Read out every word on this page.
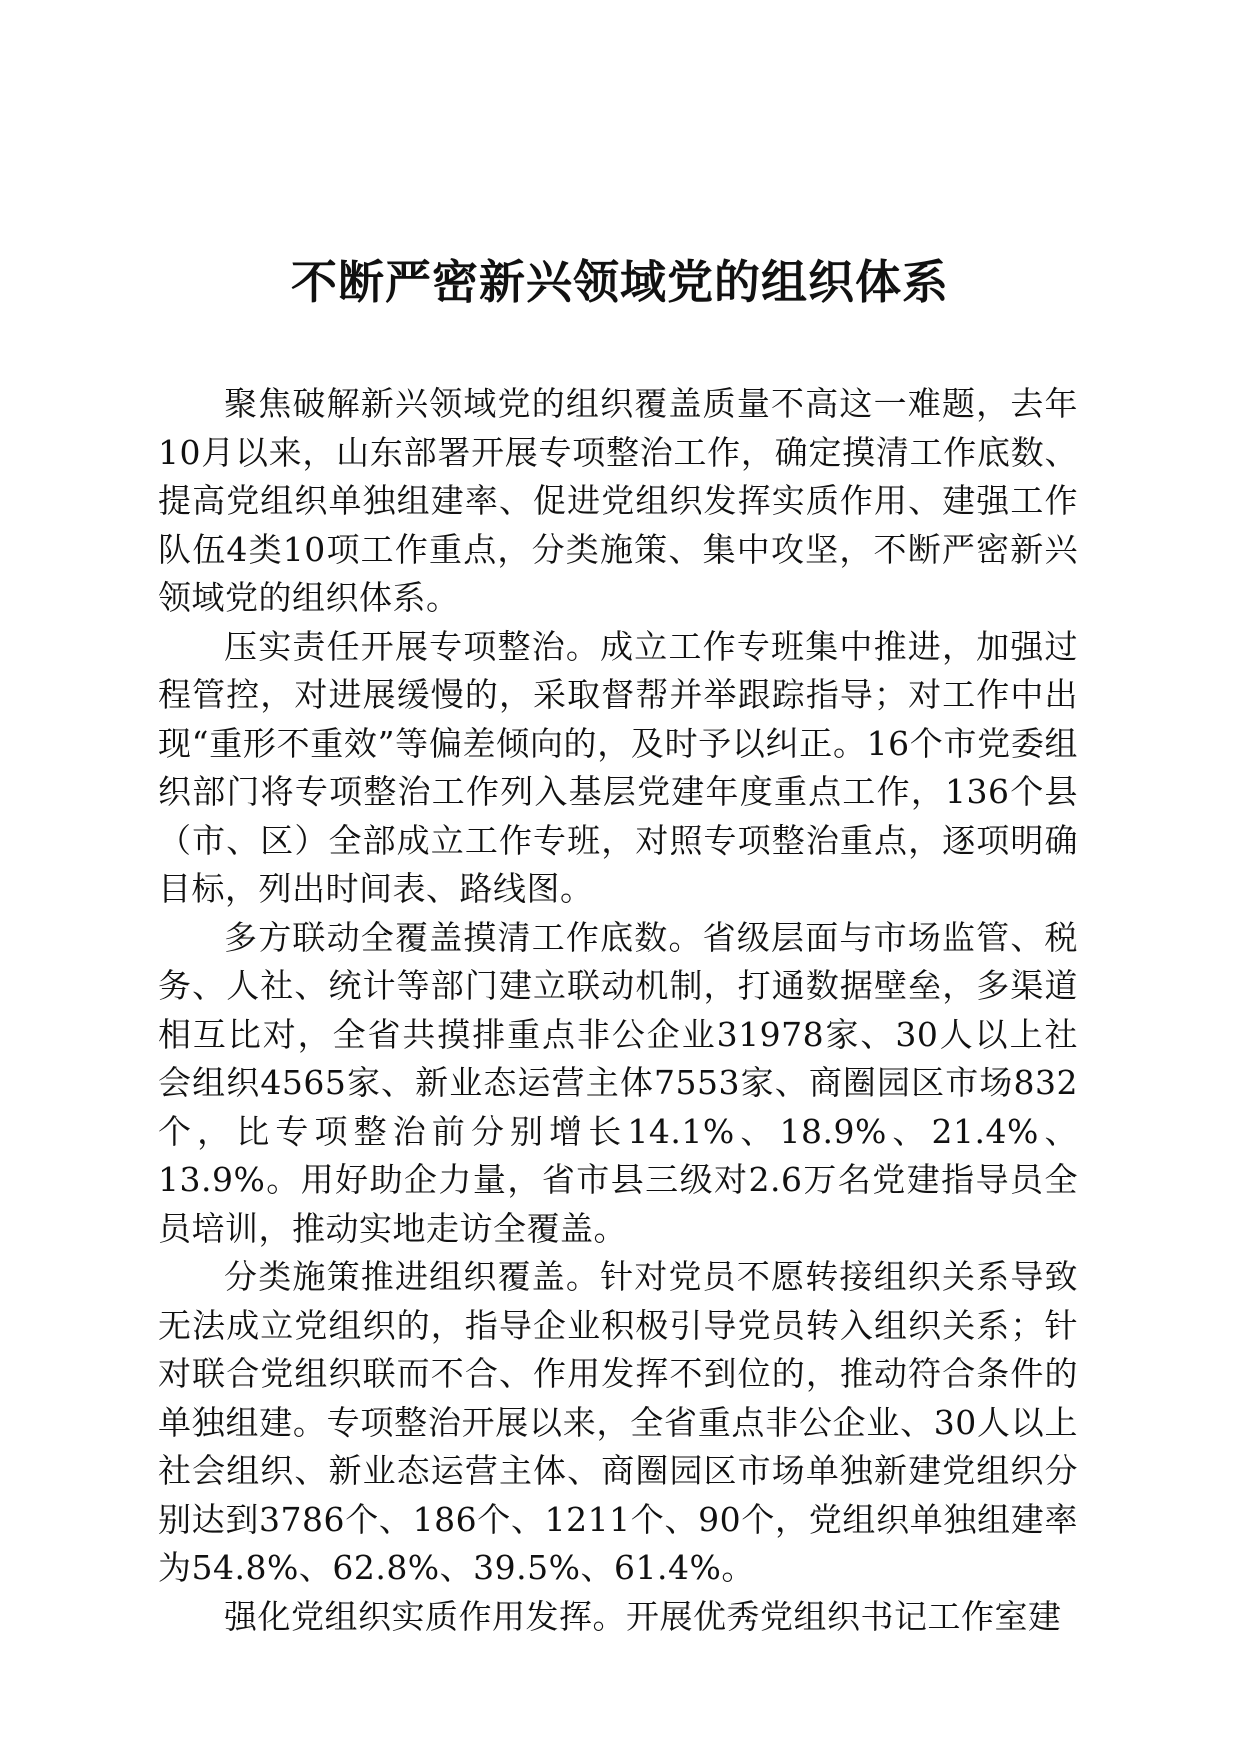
不断严密新兴领域党的组织体系

聚焦破解新兴领域党的组织覆盖质量不高这一难题，去年10月以来，山东部署开展专项整治工作，确定摸清工作底数、提高党组织单独组建率、促进党组织发挥实质作用、建强工作队伍4类10项工作重点，分类施策、集中攻坚，不断严密新兴领域党的组织体系。

压实责任开展专项整治。成立工作专班集中推进，加强过程管控，对进展缓慢的，采取督帮并举跟踪指导；对工作中出现“重形不重效”等偏差倾向的，及时予以纠正。16个市党委组织部门将专项整治工作列入基层党建年度重点工作，136个县（市、区）全部成立工作专班，对照专项整治重点，逐项明确目标，列出时间表、路线图。

多方联动全覆盖摸清工作底数。省级层面与市场监管、税务、人社、统计等部门建立联动机制，打通数据壁垒，多渠道相互比对，全省共摸排重点非公企业31978家、30人以上社会组织4565家、新业态运营主体7553家、商圈园区市场832个，比专项整治前分别增长14.1%、18.9%、21.4%、13.9%。用好助企力量，省市县三级对2.6万名党建指导员全员培训，推动实地走访全覆盖。

分类施策推进组织覆盖。针对党员不愿转接组织关系导致无法成立党组织的，指导企业积极引导党员转入组织关系；针对联合党组织联而不合、作用发挥不到位的，推动符合条件的单独组建。专项整治开展以来，全省重点非公企业、30人以上社会组织、新业态运营主体、商圈园区市场单独新建党组织分别达到3786个、186个、1211个、90个，党组织单独组建率为54.8%、62.8%、39.5%、61.4%。

强化党组织实质作用发挥。开展优秀党组织书记工作室建
